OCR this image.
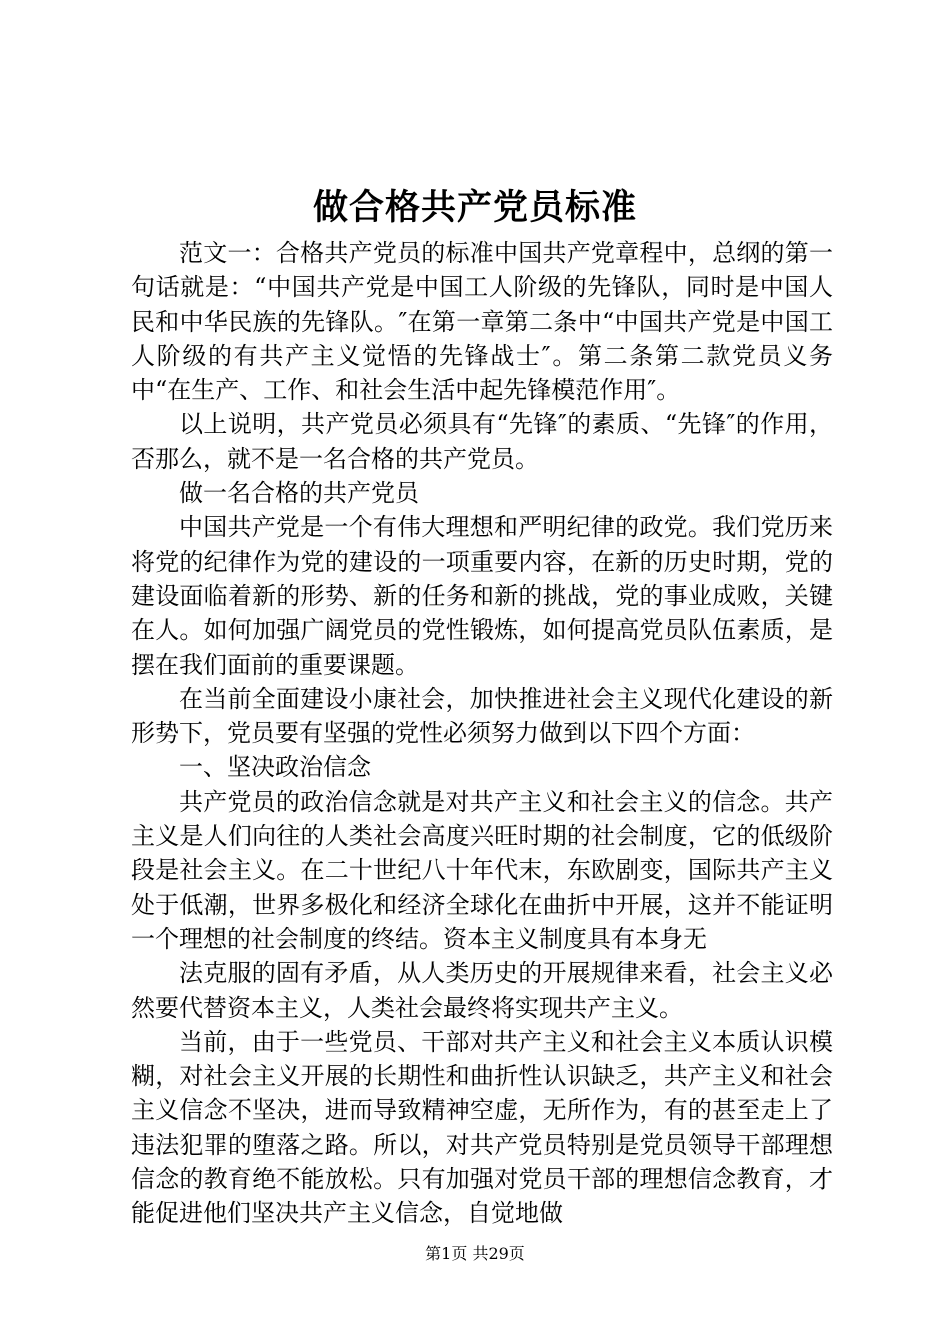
做合格共产党员标准

范文一：合格共产党员的标准中国共产党章程中，总纲的第一句话就是：“中国共产党是中国工人阶级的先锋队，同时是中国人民和中华民族的先锋队。″在第一章第二条中“中国共产党是中国工人阶级的有共产主义觉悟的先锋战士″。第二条第二款党员义务中“在生产、工作、和社会生活中起先锋模范作用″。

以上说明，共产党员必须具有“先锋″的素质、“先锋″的作用，否那么，就不是一名合格的共产党员。

做一名合格的共产党员

中国共产党是一个有伟大理想和严明纪律的政党。我们党历来将党的纪律作为党的建设的一项重要内容，在新的历史时期，党的建设面临着新的形势、新的任务和新的挑战，党的事业成败，关键在人。如何加强广阔党员的党性锻炼，如何提高党员队伍素质，是摆在我们面前的重要课题。

在当前全面建设小康社会，加快推进社会主义现代化建设的新形势下，党员要有坚强的党性必须努力做到以下四个方面：

一、坚决政治信念

共产党员的政治信念就是对共产主义和社会主义的信念。共产主义是人们向往的人类社会高度兴旺时期的社会制度，它的低级阶段是社会主义。在二十世纪八十年代末，东欧剧变，国际共产主义处于低潮，世界多极化和经济全球化在曲折中开展，这并不能证明一个理想的社会制度的终结。资本主义制度具有本身无

法克服的固有矛盾，从人类历史的开展规律来看，社会主义必然要代替资本主义，人类社会最终将实现共产主义。

当前，由于一些党员、干部对共产主义和社会主义本质认识模糊，对社会主义开展的长期性和曲折性认识缺乏，共产主义和社会主义信念不坚决，进而导致精神空虚，无所作为，有的甚至走上了违法犯罪的堕落之路。所以，对共产党员特别是党员领导干部理想信念的教育绝不能放松。只有加强对党员干部的理想信念教育，才能促进他们坚决共产主义信念，自觉地做

第1页 共29页
